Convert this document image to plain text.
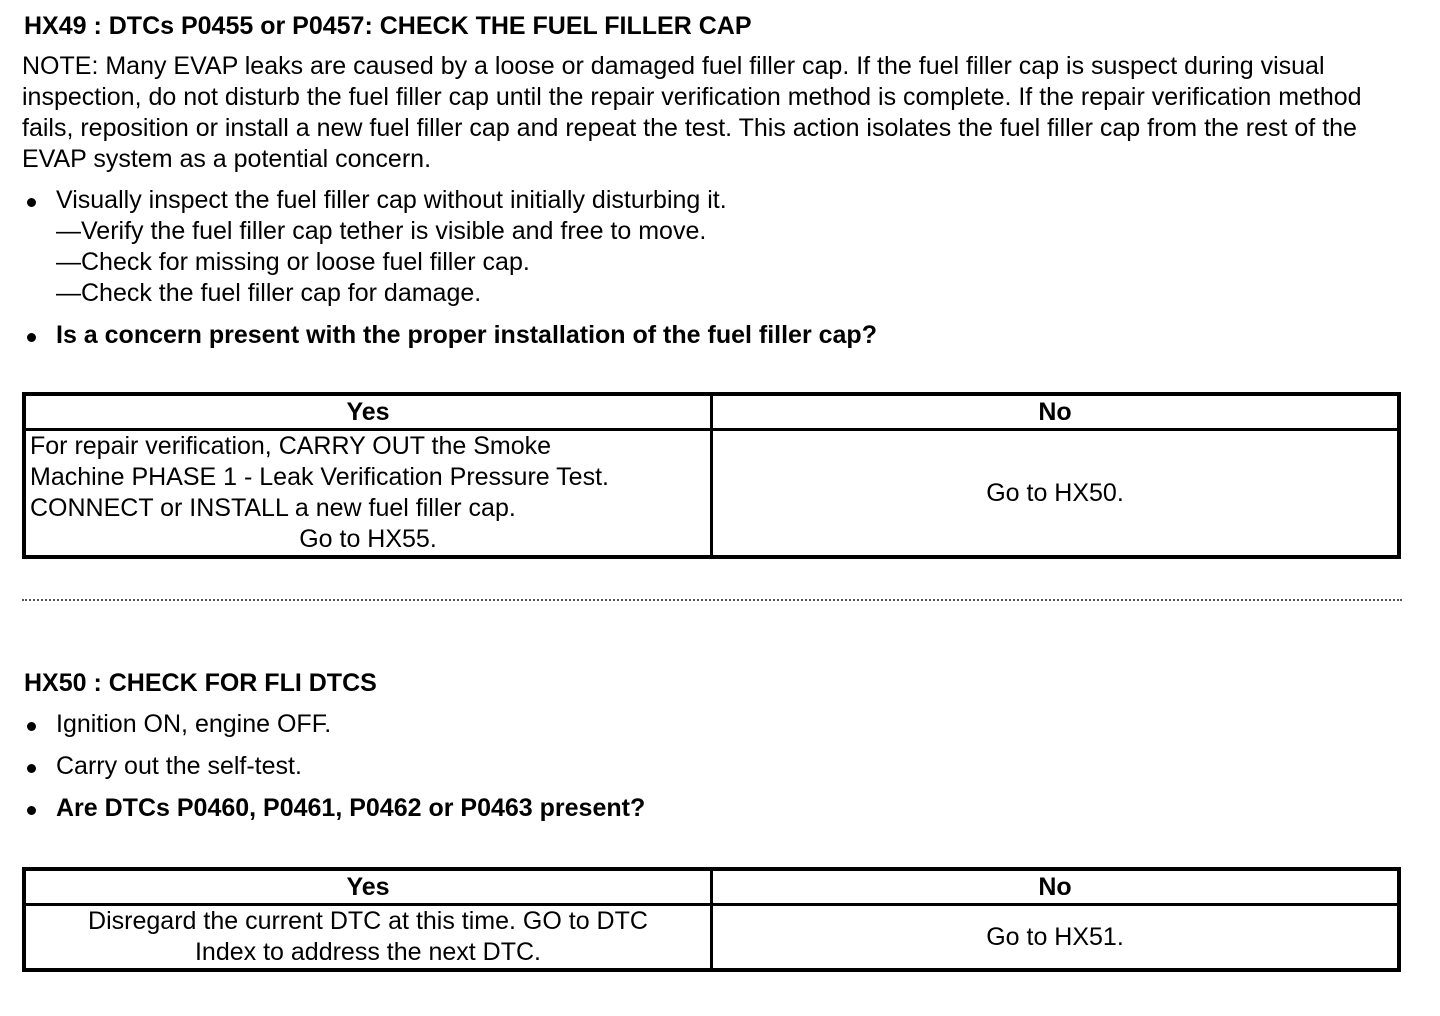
HX49 : DTCs P0455 or P0457: CHECK THE FUEL FILLER CAP

NOTE: Many EVAP leaks are caused by a loose or damaged fuel filler cap. If the fuel filler cap is suspect during visual inspection, do not disturb the fuel filler cap until the repair verification method is complete. If the repair verification method fails, reposition or install a new fuel filler cap and repeat the test. This action isolates the fuel filler cap from the rest of the EVAP system as a potential concern.

Visually inspect the fuel filler cap without initially disturbing it.
—Verify the fuel filler cap tether is visible and free to move.
—Check for missing or loose fuel filler cap.
—Check the fuel filler cap for damage.
Is a concern present with the proper installation of the fuel filler cap?
Yes	No

For repair verification, CARRY OUT the Smoke
Machine PHASE 1 - Leak Verification Pressure Test.
CONNECT or INSTALL a new fuel filler cap.
Go to HX55.	Go to HX50.
HX50 : CHECK FOR FLI DTCS
Ignition ON, engine OFF.
Carry out the self-test.
Are DTCs P0460, P0461, P0462 or P0463 present?
Yes	No

Disregard the current DTC at this time. GO to DTC
Index to address the next DTC.	Go to HX51.
